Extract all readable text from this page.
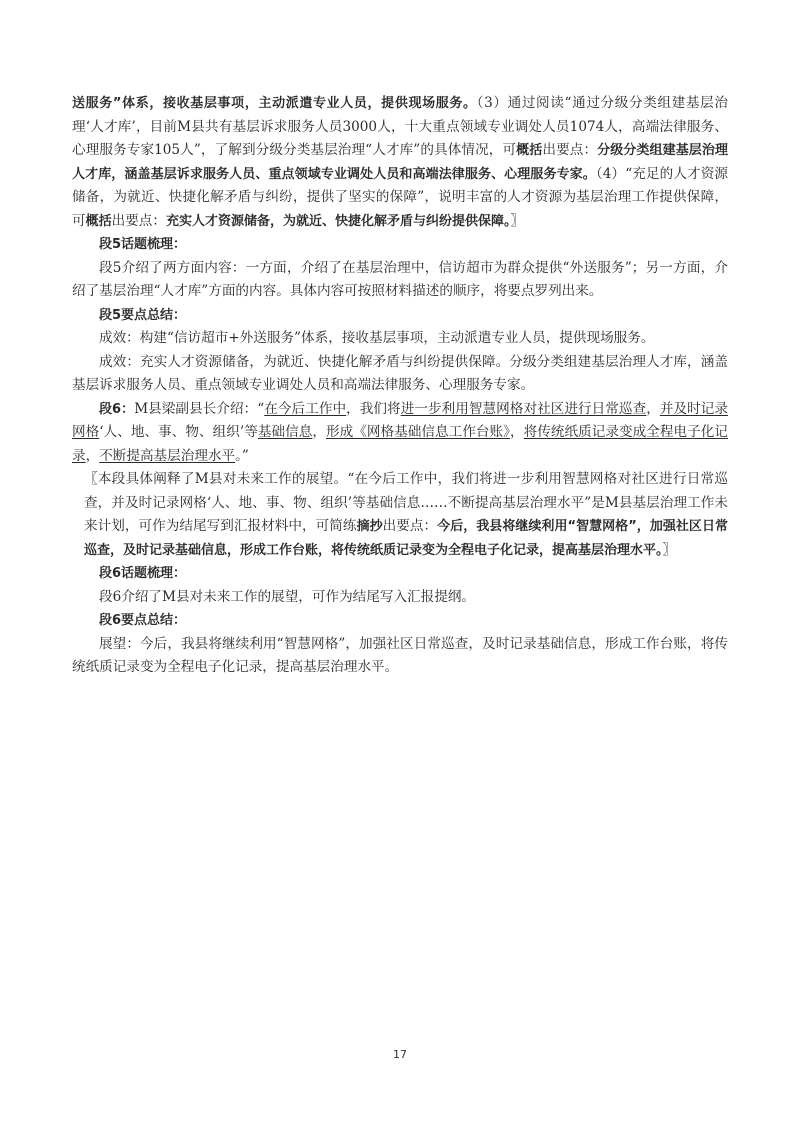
送服务”体系，接收基层事项，主动派遣专业人员，提供现场服务。（3）通过阅读“通过分级分类组建基层治理‘人才库’，目前M县共有基层诉求服务人员3000人，十大重点领域专业调处人员1074人，高端法律服务、心理服务专家105人”，了解到分级分类基层治理“人才库”的具体情况，可概括出要点：分级分类组建基层治理人才库，涵盖基层诉求服务人员、重点领域专业调处人员和高端法律服务、心理服务专家。（4）“充足的人才资源储备，为就近、快捷化解矛盾与纠纷，提供了坚实的保障”，说明丰富的人才资源为基层治理工作提供保障，可概括出要点：充实人才资源储备，为就近、快捷化解矛盾与纠纷提供保障。〗

段5话题梳理：

段5介绍了两方面内容：一方面，介绍了在基层治理中，信访超市为群众提供“外送服务”；另一方面，介绍了基层治理“人才库”方面的内容。具体内容可按照材料描述的顺序，将要点罗列出来。

段5要点总结：

成效：构建“信访超市+外送服务”体系，接收基层事项，主动派遣专业人员，提供现场服务。

成效：充实人才资源储备，为就近、快捷化解矛盾与纠纷提供保障。分级分类组建基层治理人才库，涵盖基层诉求服务人员、重点领域专业调处人员和高端法律服务、心理服务专家。

段6：M县梁副县长介绍：“在今后工作中，我们将进一步利用智慧网格对社区进行日常巡查，并及时记录网格‘人、地、事、物、组织’等基础信息，形成《网格基础信息工作台账》，将传统纸质记录变成全程电子化记录，不断提高基层治理水平。”

〖本段具体阐释了M县对未来工作的展望。“在今后工作中，我们将进一步利用智慧网格对社区进行日常巡查，并及时记录网格‘人、地、事、物、组织’等基础信息……不断提高基层治理水平”是M县基层治理工作未来计划，可作为结尾写到汇报材料中，可简练摘抄出要点：今后，我县将继续利用“智慧网格”，加强社区日常巡查，及时记录基础信息，形成工作台账，将传统纸质记录变为全程电子化记录，提高基层治理水平。〗

段6话题梳理：

段6介绍了M县对未来工作的展望，可作为结尾写入汇报提纲。

段6要点总结：

展望：今后，我县将继续利用“智慧网格”，加强社区日常巡查，及时记录基础信息，形成工作台账，将传统纸质记录变为全程电子化记录，提高基层治理水平。

17
